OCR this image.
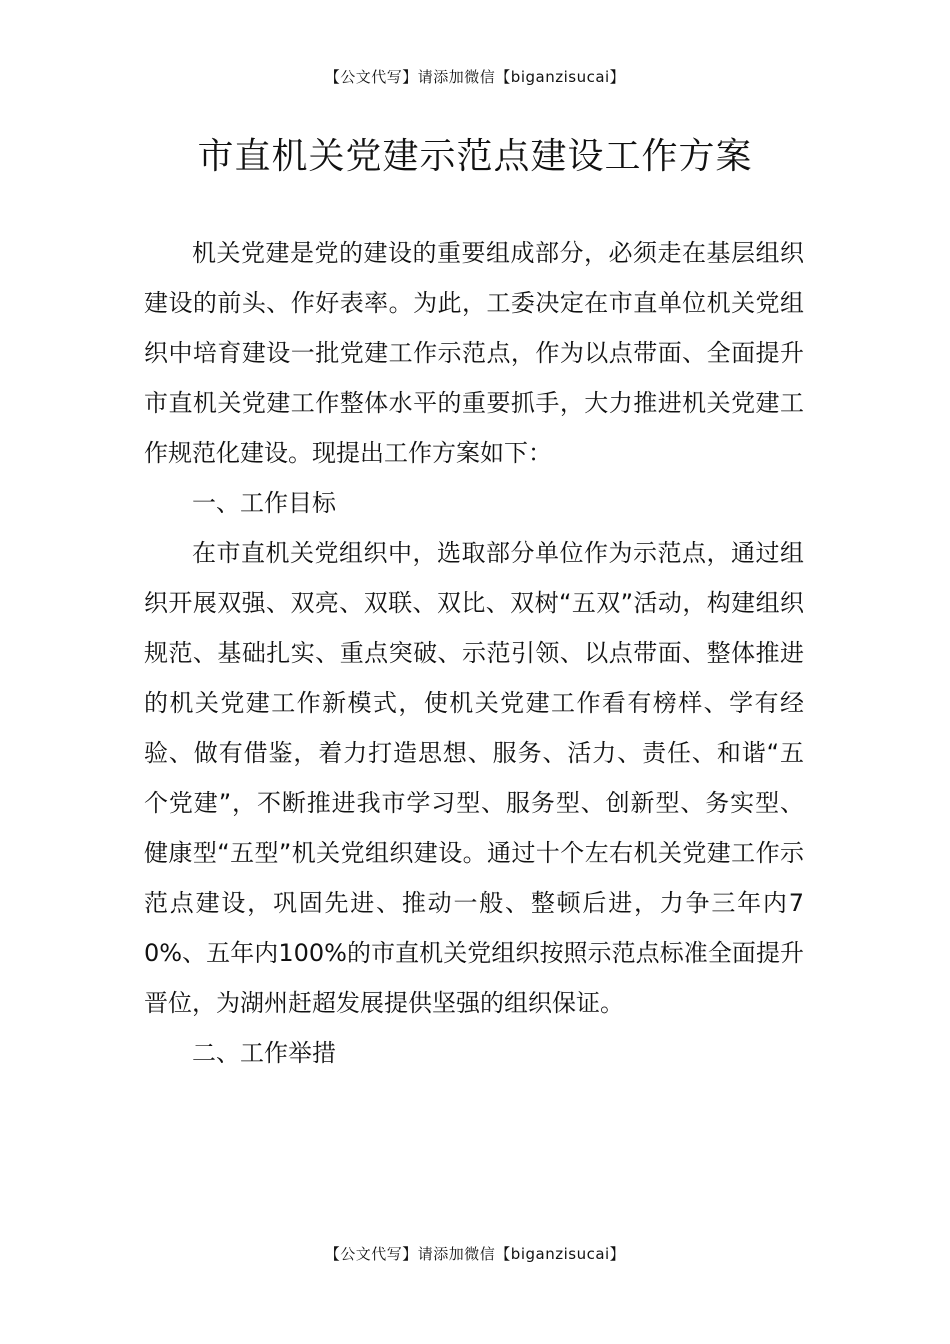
【公文代写】请添加微信【biganzisucai】
市直机关党建示范点建设工作方案

机关党建是党的建设的重要组成部分，必须走在基层组织建设的前头、作好表率。为此，工委决定在市直单位机关党组织中培育建设一批党建工作示范点，作为以点带面、全面提升市直机关党建工作整体水平的重要抓手，大力推进机关党建工作规范化建设。现提出工作方案如下：

一、工作目标

在市直机关党组织中，选取部分单位作为示范点，通过组织开展双强、双亮、双联、双比、双树“五双”活动，构建组织规范、基础扎实、重点突破、示范引领、以点带面、整体推进的机关党建工作新模式，使机关党建工作看有榜样、学有经验、做有借鉴，着力打造思想、服务、活力、责任、和谐“五个党建”，不断推进我市学习型、服务型、创新型、务实型、健康型“五型”机关党组织建设。通过十个左右机关党建工作示范点建设，巩固先进、推动一般、整顿后进，力争三年内70%、五年内100%的市直机关党组织按照示范点标准全面提升晋位，为湖州赶超发展提供坚强的组织保证。

二、工作举措
【公文代写】请添加微信【biganzisucai】
